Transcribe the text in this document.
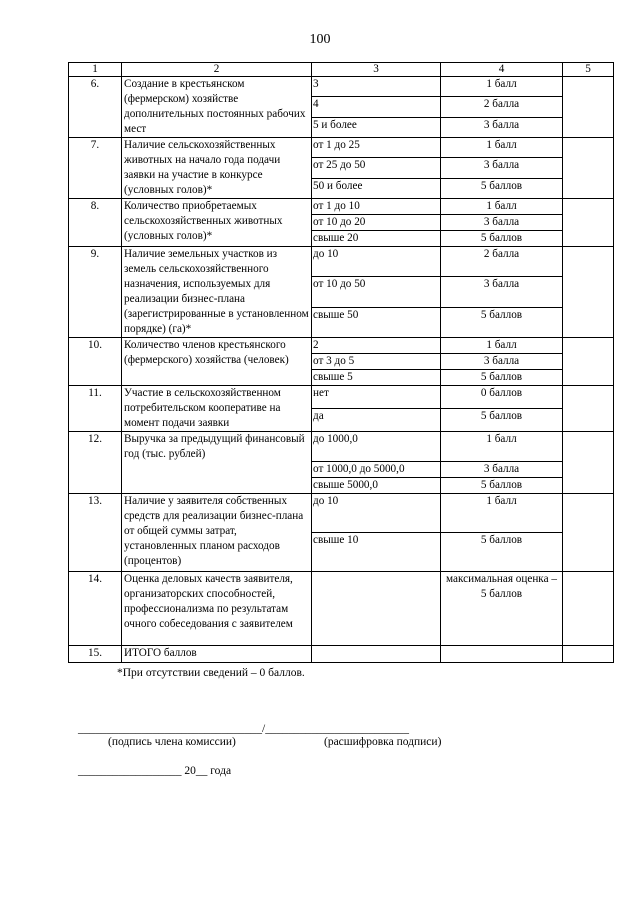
100
1	2	3	4	5
6.	Создание в крестьянском (фермерском) хозяйстве дополнительных постоянных рабочих мест	3	1 балл	
		4	2 балла	
		5 и более	3 балла	
7.	Наличие сельскохозяйственных животных на начало года подачи заявки на участие в конкурсе (условных голов)*	от 1 до 25	1 балл	
		от 25 до 50	3 балла	
		50 и более	5 баллов	
8.	Количество приобретаемых сельскохозяйственных животных (условных голов)*	от 1 до 10	1 балл	
		от 10 до 20	3 балла	
		свыше 20	5 баллов	
9.	Наличие земельных участков из земель сельскохозяйственного назначения, используемых для реализации бизнес-плана (зарегистрированные в установленном порядке) (га)*	до 10	2 балла	
		от 10 до 50	3 балла	
		свыше 50	5 баллов	
10.	Количество членов крестьянского (фермерского) хозяйства (человек)	2	1 балл	
		от 3 до 5	3 балла	
		свыше 5	5 баллов	
11.	Участие в сельскохозяйственном потребительском кооперативе на момент подачи заявки	нет	0 баллов	
		да	5 баллов	
12.	Выручка за предыдущий финансовый год (тыс. рублей)	до 1000,0	1 балл	
		от 1000,0 до 5000,0	3 балла	
		свыше 5000,0	5 баллов	
13.	Наличие у заявителя собственных средств для реализации бизнес-плана от общей суммы затрат, установленных планом расходов (процентов)	до 10	1 балл	
		свыше 10	5 баллов	
14.	Оценка деловых качеств заявителя, организаторских способностей, профессионализма по результатам очного собеседования с заявителем		максимальная оценка – 5 баллов	
15.	ИТОГО баллов			
*При отсутствии сведений – 0 баллов.
________________________________/_________________________
(подпись члена комиссии)	(расшифровка подписи)
__________________ 20__ года
